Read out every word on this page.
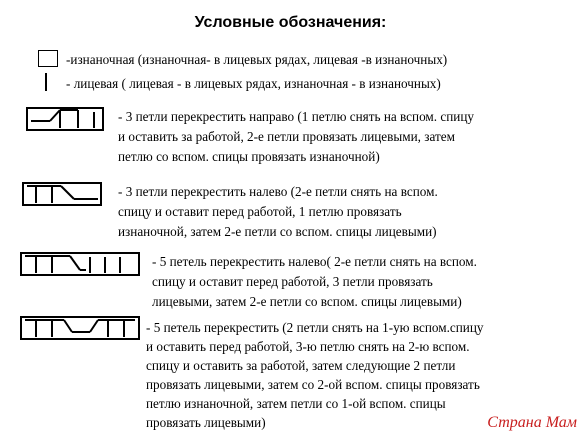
Условные обозначения:
-изнаночная (изнаночная- в лицевых рядах, лицевая -в изнаночных)
- лицевая ( лицевая - в лицевых рядах, изнаночная - в изнаночных)
- 3 петли перекрестить направо (1 петлю снять на вспом. спицу
и оставить за работой, 2-е петли провязать лицевыми, затем
петлю со вспом. спицы провязать изнаночной)
- 3 петли перекрестить налево (2-е петли снять на вспом.
спицу и оставит перед работой, 1 петлю провязать
изнаночной, затем 2-е петли со вспом. спицы лицевыми)
- 5 петель перекрестить налево( 2-е петли снять на вспом.
спицу и оставит перед работой, 3 петли провязать
лицевыми, затем 2-е петли со вспом. спицы лицевыми)
- 5 петель перекрестить (2 петли снять на 1-ую вспом.спицу
и оставить перед работой, 3-ю петлю снять на 2-ю вспом.
спицу и оставить за работой, затем следующие 2 петли
провязать лицевыми, затем со 2-ой вспом. спицы провязать
петлю изнаночной, затем петли со 1-ой вспом. спицы
провязать лицевыми)	Страна Мам
